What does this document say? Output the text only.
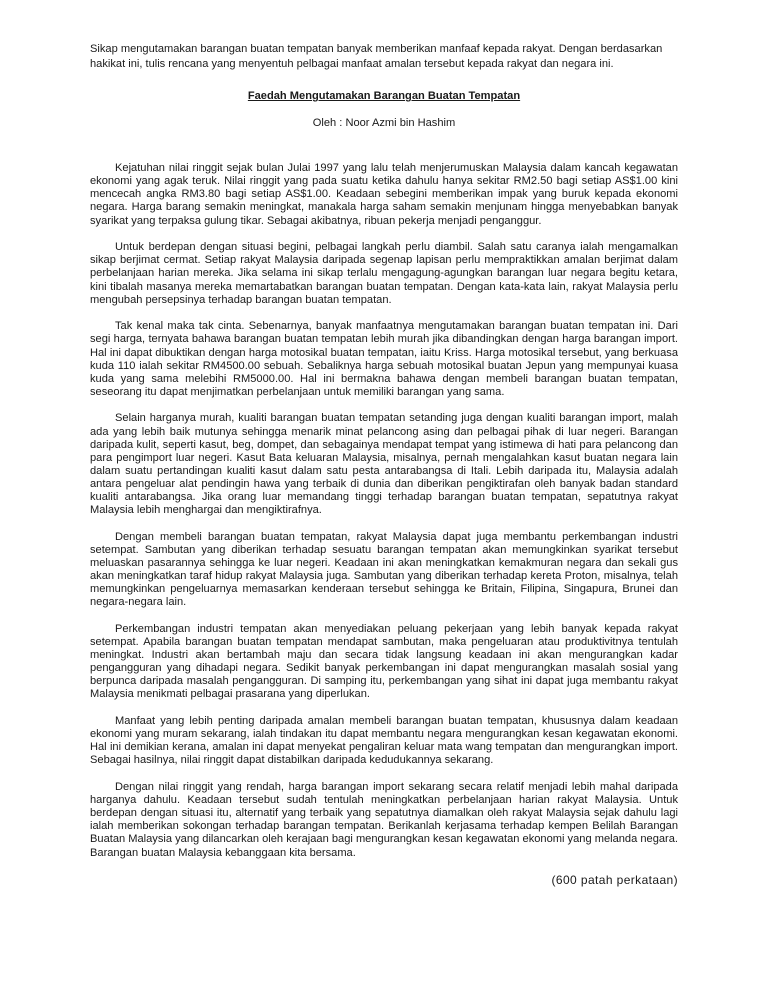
Sikap mengutamakan barangan buatan tempatan banyak memberikan manfaaf kepada rakyat. Dengan berdasarkan hakikat ini, tulis rencana yang menyentuh pelbagai manfaat amalan tersebut kepada rakyat dan negara ini.

Faedah Mengutamakan Barangan Buatan Tempatan

Oleh : Noor Azmi bin Hashim

Kejatuhan nilai ringgit sejak bulan Julai 1997 yang lalu telah menjerumuskan Malaysia dalam kancah kegawatan ekonomi yang agak teruk. Nilai ringgit yang pada suatu ketika dahulu hanya sekitar RM2.50 bagi setiap AS$1.00 kini mencecah angka RM3.80 bagi setiap AS$1.00. Keadaan sebegini memberikan impak yang buruk kepada ekonomi negara. Harga barang semakin meningkat, manakala harga saham semakin menjunam hingga menyebabkan banyak syarikat yang terpaksa gulung tikar. Sebagai akibatnya, ribuan pekerja menjadi penganggur.

Untuk berdepan dengan situasi begini, pelbagai langkah perlu diambil. Salah satu caranya ialah mengamalkan sikap berjimat cermat. Setiap rakyat Malaysia daripada segenap lapisan perlu mempraktikkan amalan berjimat dalam perbelanjaan harian mereka. Jika selama ini sikap terlalu mengagung-agungkan barangan luar negara begitu ketara, kini tibalah masanya mereka memartabatkan barangan buatan tempatan. Dengan kata-kata lain, rakyat Malaysia perlu mengubah persepsinya terhadap barangan buatan tempatan.

Tak kenal maka tak cinta. Sebenarnya, banyak manfaatnya mengutamakan barangan buatan tempatan ini. Dari segi harga, ternyata bahawa barangan buatan tempatan lebih murah jika dibandingkan dengan harga barangan import. Hal ini dapat dibuktikan dengan harga motosikal buatan tempatan, iaitu Kriss. Harga motosikal tersebut, yang berkuasa kuda 110 ialah sekitar RM4500.00 sebuah. Sebaliknya harga sebuah motosikal buatan Jepun yang mempunyai kuasa kuda yang sama melebihi RM5000.00. Hal ini bermakna bahawa dengan membeli barangan buatan tempatan, seseorang itu dapat menjimatkan perbelanjaan untuk memiliki barangan yang sama.

Selain harganya murah, kualiti barangan buatan tempatan setanding juga dengan kualiti barangan import, malah ada yang lebih baik mutunya sehingga menarik minat pelancong asing dan pelbagai pihak di luar negeri. Barangan daripada kulit, seperti kasut, beg, dompet, dan sebagainya mendapat tempat yang istimewa di hati para pelancong dan para pengimport luar negeri. Kasut Bata keluaran Malaysia, misalnya, pernah mengalahkan kasut buatan negara lain dalam suatu pertandingan kualiti kasut dalam satu pesta antarabangsa di Itali. Lebih daripada itu, Malaysia adalah antara pengeluar alat pendingin hawa yang terbaik di dunia dan diberikan pengiktirafan oleh banyak badan standard kualiti antarabangsa. Jika orang luar memandang tinggi terhadap barangan buatan tempatan, sepatutnya rakyat Malaysia lebih menghargai dan mengiktirafnya.

Dengan membeli barangan buatan tempatan, rakyat Malaysia dapat juga membantu perkembangan industri setempat. Sambutan yang diberikan terhadap sesuatu barangan tempatan akan memungkinkan syarikat tersebut meluaskan pasarannya sehingga ke luar negeri. Keadaan ini akan meningkatkan kemakmuran negara dan sekali gus akan meningkatkan taraf hidup rakyat Malaysia juga. Sambutan yang diberikan terhadap kereta Proton, misalnya, telah memungkinkan pengeluarnya memasarkan kenderaan tersebut sehingga ke Britain, Filipina, Singapura, Brunei dan negara-negara lain.

Perkembangan industri tempatan akan menyediakan peluang pekerjaan yang lebih banyak kepada rakyat setempat. Apabila barangan buatan tempatan mendapat sambutan, maka pengeluaran atau produktivitnya tentulah meningkat. Industri akan bertambah maju dan secara tidak langsung keadaan ini akan mengurangkan kadar pengangguran yang dihadapi negara. Sedikit banyak perkembangan ini dapat mengurangkan masalah sosial yang berpunca daripada masalah pengangguran. Di samping itu, perkembangan yang sihat ini dapat juga membantu rakyat Malaysia menikmati pelbagai prasarana yang diperlukan.

Manfaat yang lebih penting daripada amalan membeli barangan buatan tempatan, khususnya dalam keadaan ekonomi yang muram sekarang, ialah tindakan itu dapat membantu negara mengurangkan kesan kegawatan ekonomi. Hal ini demikian kerana, amalan ini dapat menyekat pengaliran keluar mata wang tempatan dan mengurangkan import. Sebagai hasilnya, nilai ringgit dapat distabilkan daripada kedudukannya sekarang.

Dengan nilai ringgit yang rendah, harga barangan import sekarang secara relatif menjadi lebih mahal daripada harganya dahulu. Keadaan tersebut sudah tentulah meningkatkan perbelanjaan harian rakyat Malaysia. Untuk berdepan dengan situasi itu, alternatif yang terbaik yang sepatutnya diamalkan oleh rakyat Malaysia sejak dahulu lagi ialah memberikan sokongan terhadap barangan tempatan. Berikanlah kerjasama terhadap kempen Belilah Barangan Buatan Malaysia yang dilancarkan oleh kerajaan bagi mengurangkan kesan kegawatan ekonomi yang melanda negara. Barangan buatan Malaysia kebanggaan kita bersama.

(600 patah perkataan)
